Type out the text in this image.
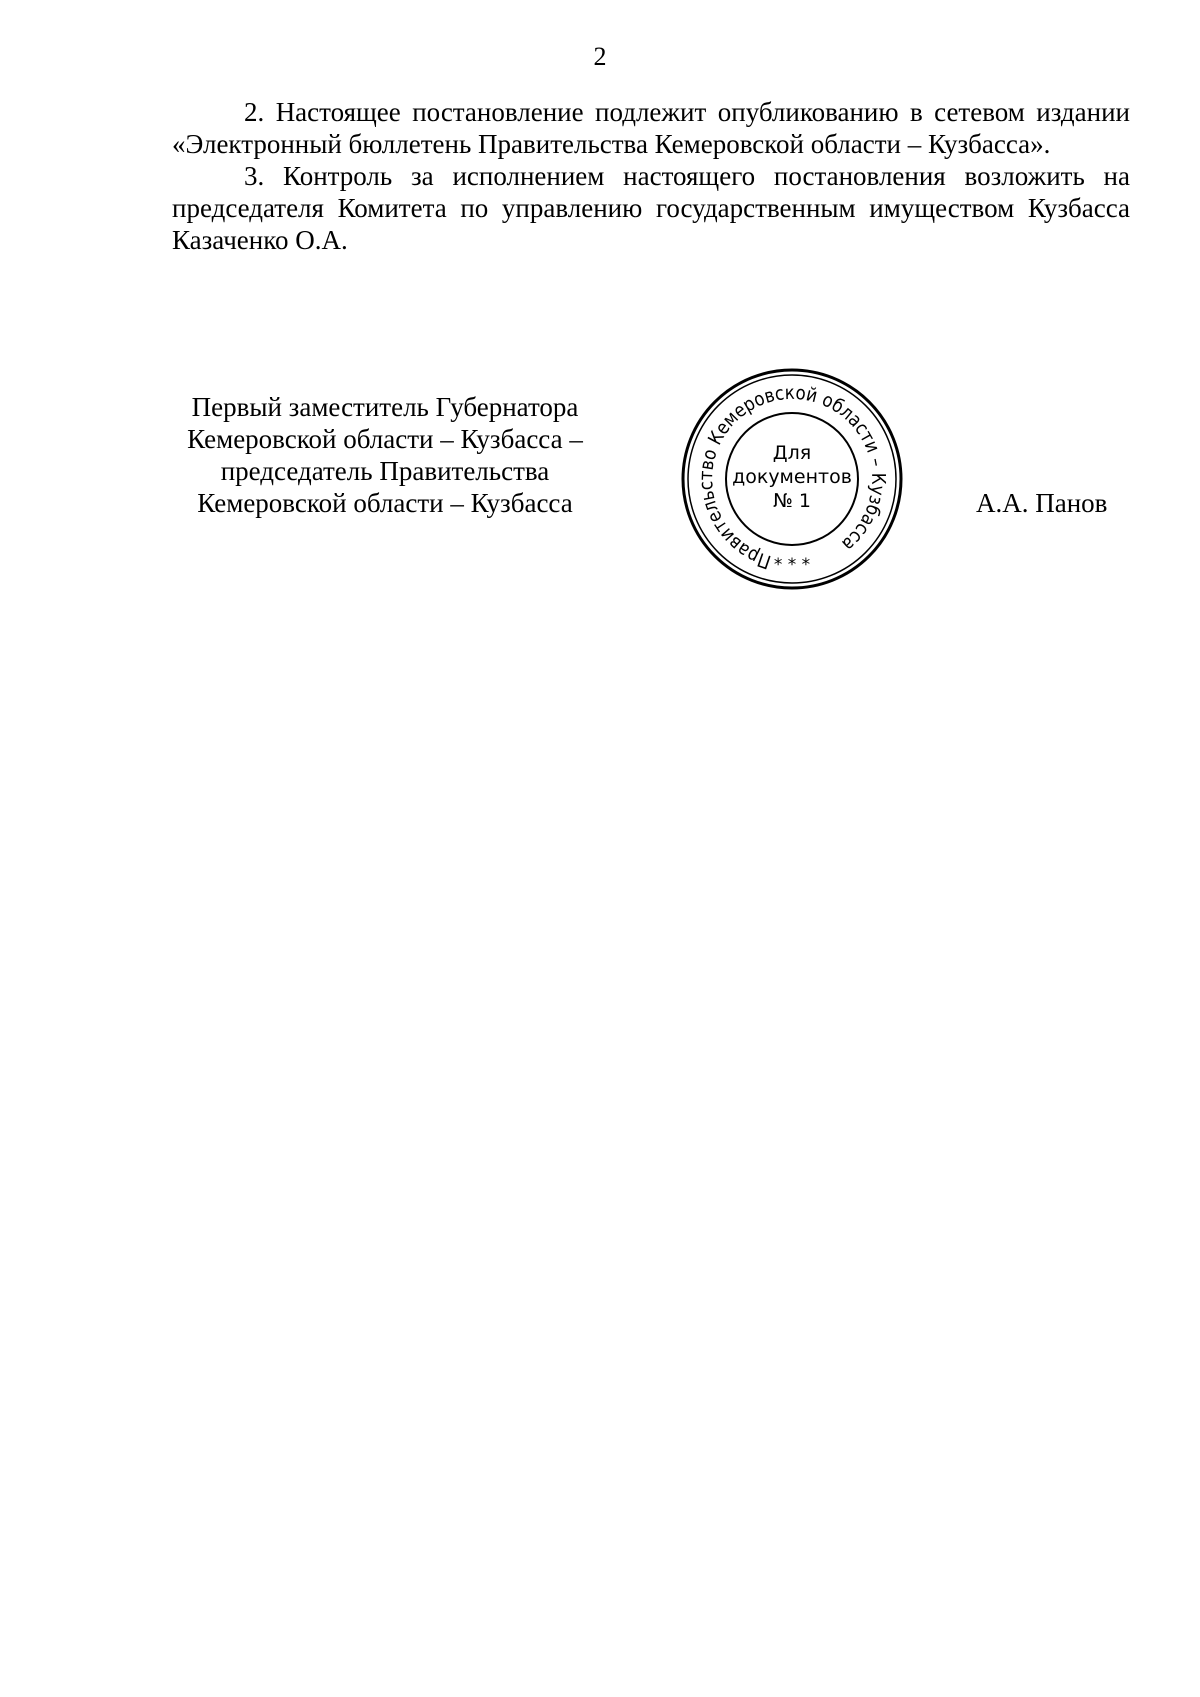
2

2. Настоящее постановление подлежит опубликованию в сетевом издании «Электронный бюллетень Правительства Кемеровской области – Кузбасса».

3. Контроль за исполнением настоящего постановления возложить на председателя Комитета по управлению государственным имуществом Кузбасса Казаченко О.А.

Первый заместитель Губернатора
Кемеровской области – Кузбасса –
председатель Правительства
Кемеровской области – Кузбасса
Правительство Кемеровской области – Кузбасса
* * *
Для
документов
№ 1	А.А. Панов
